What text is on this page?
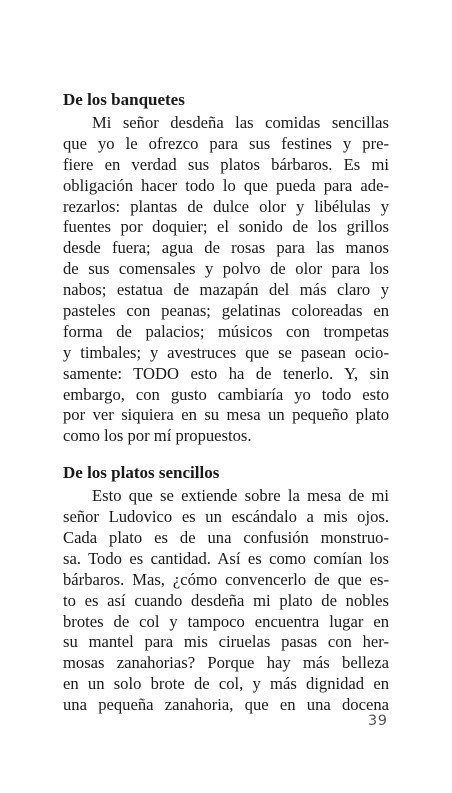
De los banquetes
Mi señor desdeña las comidas sencillas
que yo le ofrezco para sus festines y pre-
fiere en verdad sus platos bárbaros. Es mi
obligación hacer todo lo que pueda para ade-
rezarlos: plantas de dulce olor y libélulas y
fuentes por doquier; el sonido de los grillos
desde fuera; agua de rosas para las manos
de sus comensales y polvo de olor para los
nabos; estatua de mazapán del más claro y
pasteles con peanas; gelatinas coloreadas en
forma de palacios; músicos con trompetas
y timbales; y avestruces que se pasean ocio-
samente: TODO esto ha de tenerlo. Y, sin
embargo, con gusto cambiaría yo todo esto
por ver siquiera en su mesa un pequeño plato
como los por mí propuestos.
De los platos sencillos
Esto que se extiende sobre la mesa de mi
señor Ludovico es un escándalo a mis ojos.
Cada plato es de una confusión monstruo-
sa. Todo es cantidad. Así es como comían los
bárbaros. Mas, ¿cómo convencerlo de que es-
to es así cuando desdeña mi plato de nobles
brotes de col y tampoco encuentra lugar en
su mantel para mis ciruelas pasas con her-
mosas zanahorias? Porque hay más belleza
en un solo brote de col, y más dignidad en
una pequeña zanahoria, que en una docena
39
